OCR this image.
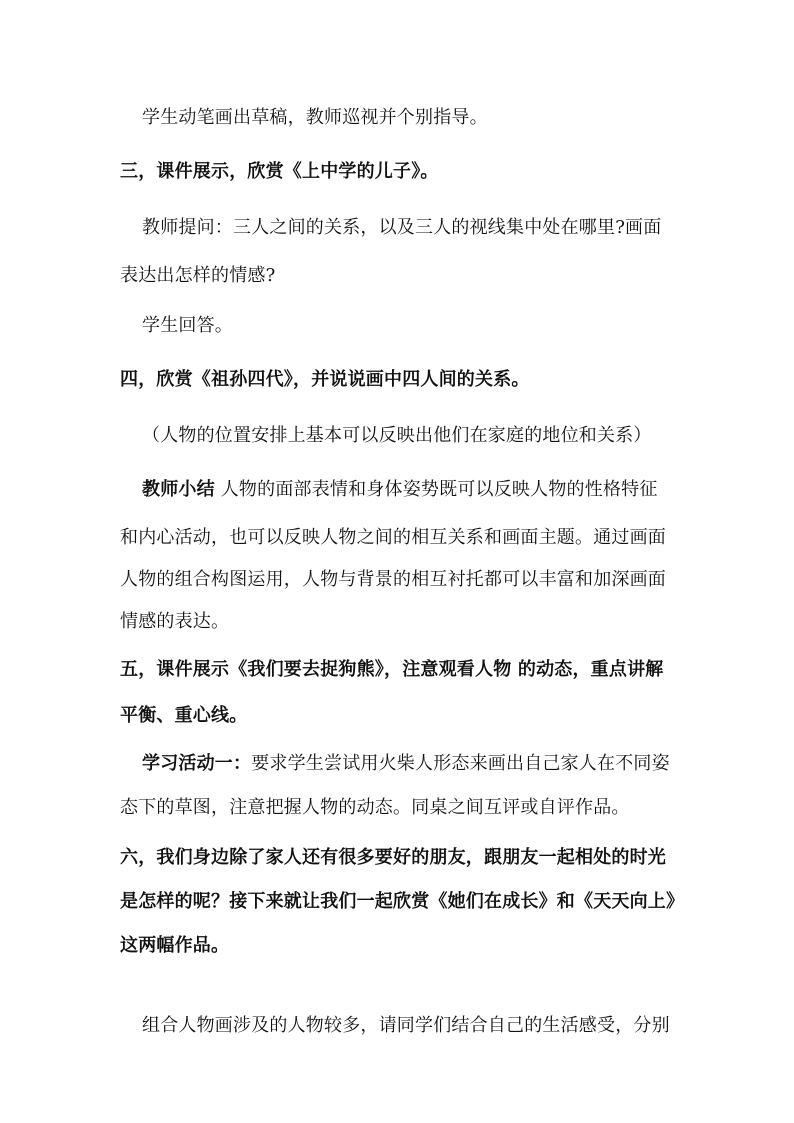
学生动笔画出草稿，教师巡视并个别指导。
三，课件展示，欣赏《上中学的儿子》。
教师提问：三人之间的关系，以及三人的视线集中处在哪里?画面
表达出怎样的情感?
学生回答。
四，欣赏《祖孙四代》，并说说画中四人间的关系。
（人物的位置安排上基本可以反映出他们在家庭的地位和关系）
教师小结 人物的面部表情和身体姿势既可以反映人物的性格特征
和内心活动，也可以反映人物之间的相互关系和画面主题。通过画面
人物的组合构图运用，人物与背景的相互衬托都可以丰富和加深画面
情感的表达。
五，课件展示《我们要去捉狗熊》，注意观看人物 的动态，重点讲解
平衡、重心线。
学习活动一：要求学生尝试用火柴人形态来画出自己家人在不同姿
态下的草图，注意把握人物的动态。同桌之间互评或自评作品。
六，我们身边除了家人还有很多要好的朋友，跟朋友一起相处的时光
是怎样的呢？接下来就让我们一起欣赏《她们在成长》和《天天向上》
这两幅作品。
组合人物画涉及的人物较多，请同学们结合自己的生活感受，分别
